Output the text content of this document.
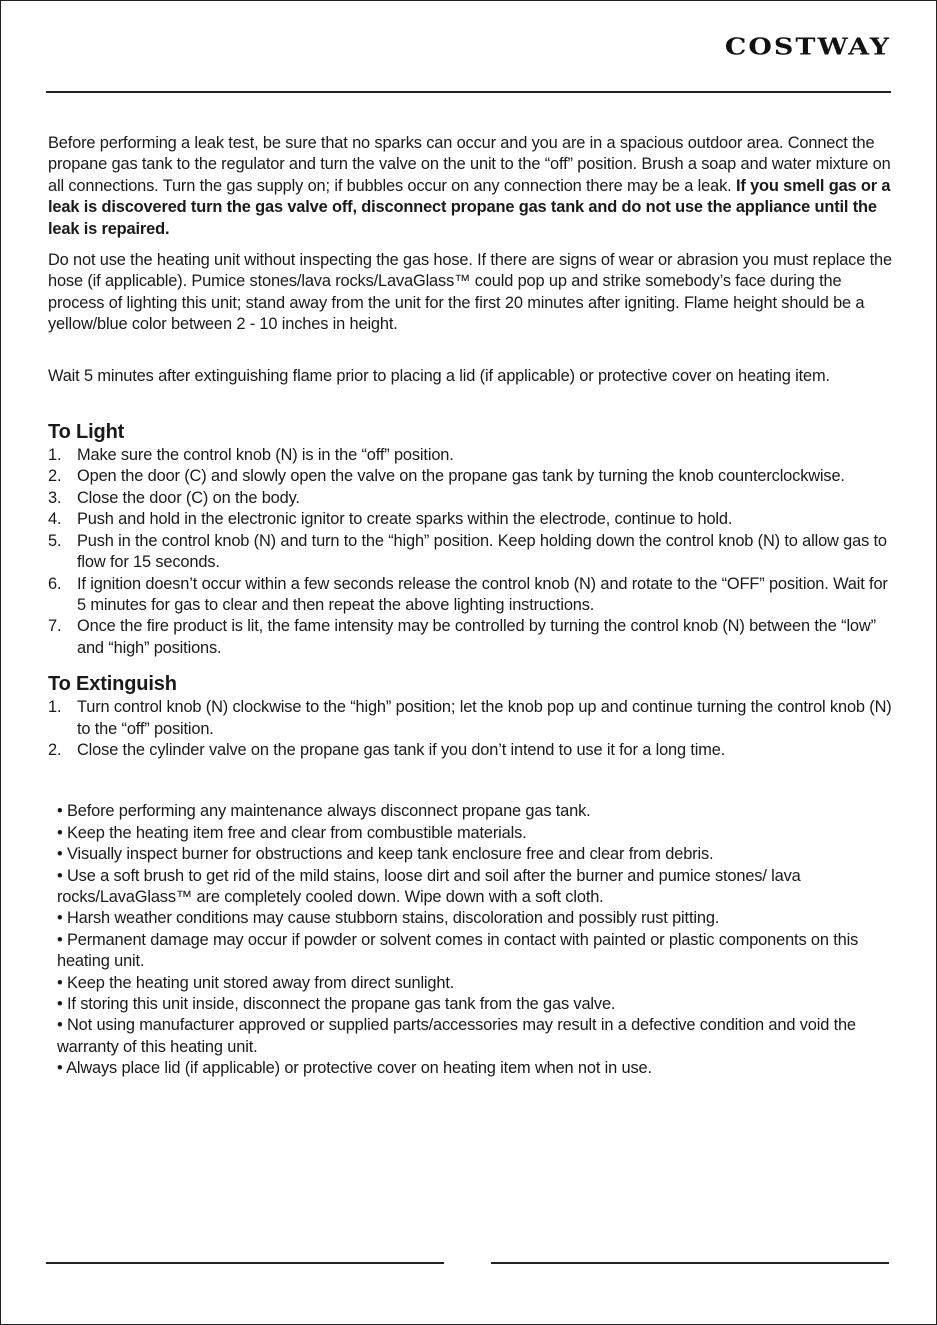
COSTWAY

Before performing a leak test, be sure that no sparks can occur and you are in a spacious outdoor area. Connect the propane gas tank to the regulator and turn the valve on the unit to the “off” position. Brush a soap and water mixture on all connections. Turn the gas supply on; if bubbles occur on any connection there may be a leak. If you smell gas or a leak is discovered turn the gas valve off, disconnect propane gas tank and do not use the appliance until the leak is repaired.

Do not use the heating unit without inspecting the gas hose. If there are signs of wear or abrasion you must replace the hose (if applicable). Pumice stones/lava rocks/LavaGlass™ could pop up and strike somebody’s face during the process of lighting this unit; stand away from the unit for the first 20 minutes after igniting. Flame height should be a yellow/blue color between 2 - 10 inches in height.

Wait 5 minutes after extinguishing flame prior to placing a lid (if applicable) or protective cover on heating item.

To Light
1. Make sure the control knob (N) is in the “off” position.
2. Open the door (C) and slowly open the valve on the propane gas tank by turning the knob counterclockwise.
3. Close the door (C) on the body.
4. Push and hold in the electronic ignitor to create sparks within the electrode, continue to hold.
5. Push in the control knob (N) and turn to the “high” position. Keep holding down the control knob (N) to allow gas to flow for 15 seconds.
6. If ignition doesn’t occur within a few seconds release the control knob (N) and rotate to the “OFF” position. Wait for 5 minutes for gas to clear and then repeat the above lighting instructions.
7. Once the fire product is lit, the fame intensity may be controlled by turning the control knob (N) between the “low” and “high” positions.
To Extinguish
1. Turn control knob (N) clockwise to the “high” position; let the knob pop up and continue turning the control knob (N) to the “off” position.
2. Close the cylinder valve on the propane gas tank if you don’t intend to use it for a long time.

• Before performing any maintenance always disconnect propane gas tank.

• Keep the heating item free and clear from combustible materials.

• Visually inspect burner for obstructions and keep tank enclosure free and clear from debris.

• Use a soft brush to get rid of the mild stains, loose dirt and soil after the burner and pumice stones/ lava rocks/LavaGlass™ are completely cooled down. Wipe down with a soft cloth.

• Harsh weather conditions may cause stubborn stains, discoloration and possibly rust pitting.

• Permanent damage may occur if powder or solvent comes in contact with painted or plastic components on this heating unit.

• Keep the heating unit stored away from direct sunlight.

• If storing this unit inside, disconnect the propane gas tank from the gas valve.

• Not using manufacturer approved or supplied parts/accessories may result in a defective condition and void the warranty of this heating unit.

• Always place lid (if applicable) or protective cover on heating item when not in use.
